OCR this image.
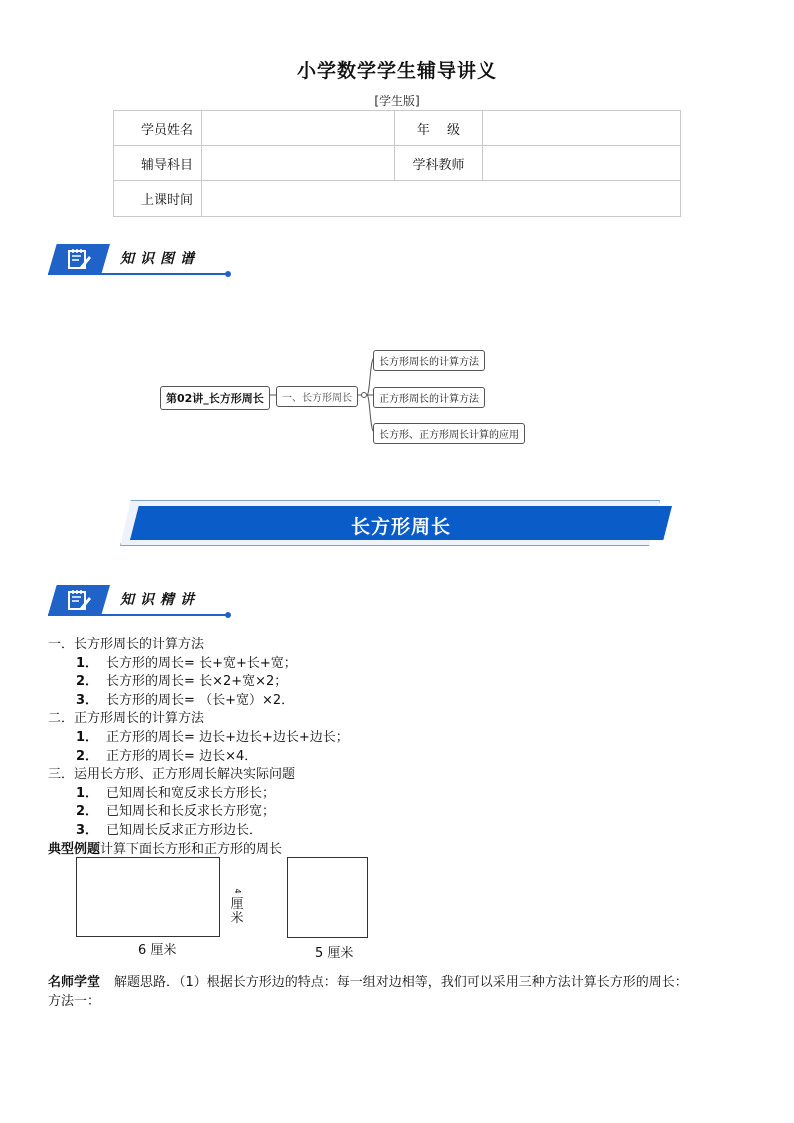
小学数学学生辅导讲义
[学生版]
学员姓名		年　 级	
辅导科目		学科教师	
上课时间			
知识图谱
第02讲_长方形周长	一、长方形周长
长方形周长的计算方法
正方形周长的计算方法
长方形、正方形周长计算的应用
长方形周长
知识精讲
一．长方形周长的计算方法
1． 长方形的周长= 长+宽+长+宽；
2． 长方形的周长= 长×2+宽×2；
3． 长方形的周长= （长+宽）×2．
二．正方形周长的计算方法
1． 正方形的周长= 边长+边长+边长+边长；
2． 正方形的周长= 边长×4．
三．运用长方形、正方形周长解决实际问题
1． 已知周长和宽反求长方形长；
2． 已知周长和长反求长方形宽；
3． 已知周长反求正方形边长．
典型例题计算下面长方形和正方形的周长
6 厘米
4
厘米
5 厘米
名师学堂 解题思路．（1）根据长方形边的特点：每一组对边相等，我们可以采用三种方法计算长方形的周长：
方法一：
